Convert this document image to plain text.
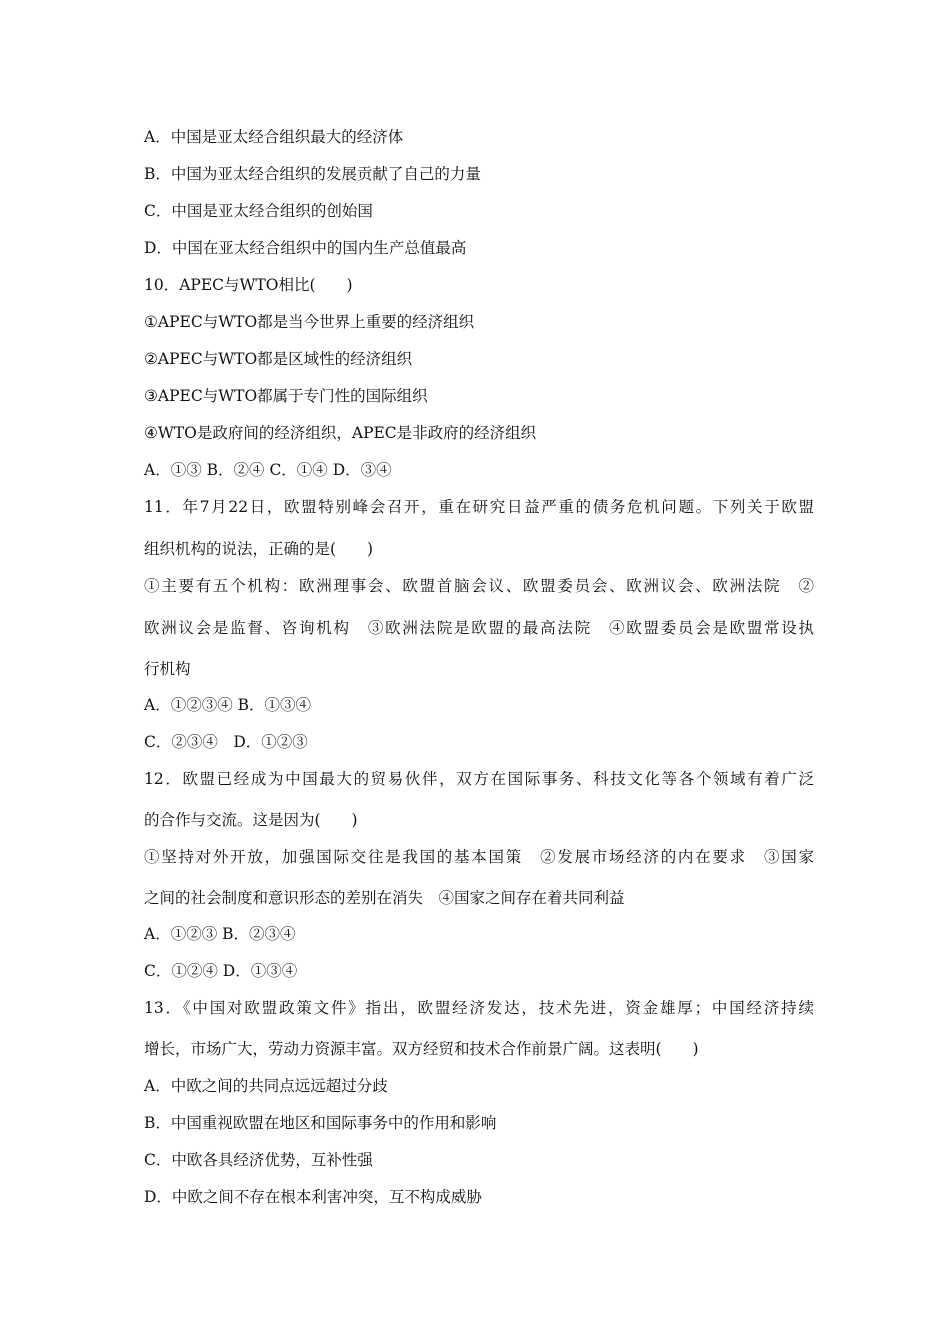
A．中国是亚太经合组织最大的经济体
B．中国为亚太经合组织的发展贡献了自己的力量
C．中国是亚太经合组织的创始国
D．中国在亚太经合组织中的国内生产总值最高
10．APEC与WTO相比(　　)
①APEC与WTO都是当今世界上重要的经济组织
②APEC与WTO都是区域性的经济组织
③APEC与WTO都属于专门性的国际组织
④WTO是政府间的经济组织，APEC是非政府的经济组织
A．①③ B．②④ C．①④ D．③④
11．年7月22日，欧盟特别峰会召开，重在研究日益严重的债务危机问题。下列关于欧盟
组织机构的说法，正确的是(　　)
①主要有五个机构：欧洲理事会、欧盟首脑会议、欧盟委员会、欧洲议会、欧洲法院　②
欧洲议会是监督、咨询机构　③欧洲法院是欧盟的最高法院　④欧盟委员会是欧盟常设执
行机构
A．①②③④ B．①③④
C．②③④　D．①②③
12．欧盟已经成为中国最大的贸易伙伴，双方在国际事务、科技文化等各个领域有着广泛
的合作与交流。这是因为(　　)
①坚持对外开放，加强国际交往是我国的基本国策　②发展市场经济的内在要求　③国家
之间的社会制度和意识形态的差别在消失　④国家之间存在着共同利益
A．①②③ B．②③④
C．①②④ D．①③④
13．《中国对欧盟政策文件》指出，欧盟经济发达，技术先进，资金雄厚；中国经济持续
增长，市场广大，劳动力资源丰富。双方经贸和技术合作前景广阔。这表明(　　)
A．中欧之间的共同点远远超过分歧
B．中国重视欧盟在地区和国际事务中的作用和影响
C．中欧各具经济优势，互补性强
D．中欧之间不存在根本利害冲突，互不构成威胁
